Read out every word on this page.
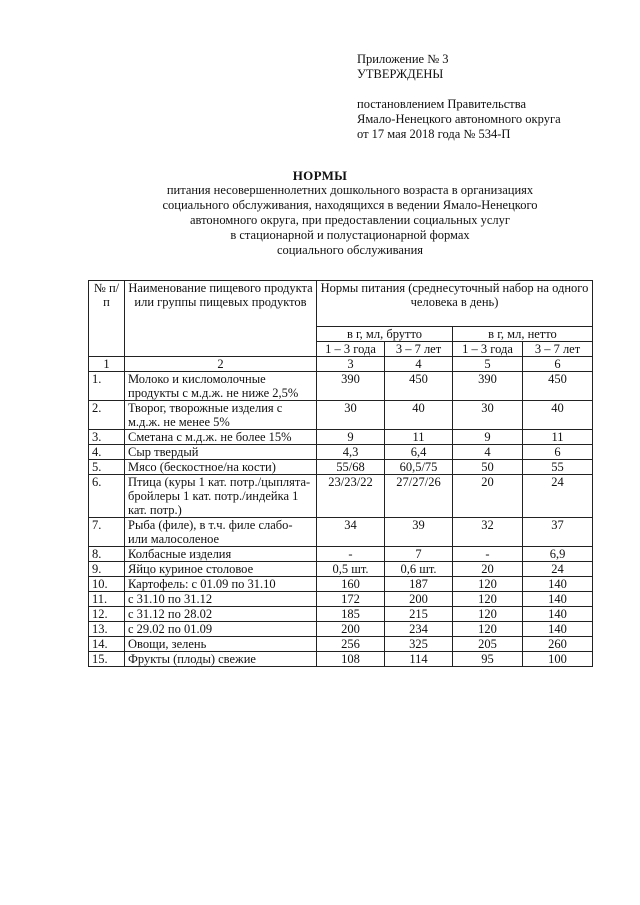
Приложение № 3
УТВЕРЖДЕНЫ
постановлением Правительства
Ямало-Ненецкого автономного округа
от 17 мая 2018 года № 534-П
НОРМЫ
питания несовершеннолетних дошкольного возраста в организациях
социального обслуживания, находящихся в ведении Ямало-Ненецкого
автономного округа, при предоставлении социальных услуг
в стационарной и полустационарной формах
социального обслуживания
№ п/п	Наименование пищевого продукта или группы пищевых продуктов	Нормы питания (среднесуточный набор на одного человека в день)			
		в г, мл, брутто		в г, мл, нетто	
		1 – 3 года	3 – 7 лет	1 – 3 года	3 – 7 лет
1	2	3	4	5	6
1.	Молоко и кисломолочные продукты с м.д.ж. не ниже 2,5%	390	450	390	450
2.	Творог, творожные изделия с м.д.ж. не менее 5%	30	40	30	40
3.	Сметана с м.д.ж. не более 15%	9	11	9	11
4.	Сыр твердый	4,3	6,4	4	6
5.	Мясо (бескостное/на кости)	55/68	60,5/75	50	55
6.	Птица (куры 1 кат. потр./цыплята-бройлеры 1 кат. потр./индейка 1 кат. потр.)	23/23/22	27/27/26	20	24
7.	Рыба (филе), в т.ч. филе слабо- или малосоленое	34	39	32	37
8.	Колбасные изделия	-	7	-	6,9
9.	Яйцо куриное столовое	0,5 шт.	0,6 шт.	20	24
10.	Картофель: с 01.09 по 31.10	160	187	120	140
11.	с 31.10 по 31.12	172	200	120	140
12.	с 31.12 по 28.02	185	215	120	140
13.	с 29.02 по 01.09	200	234	120	140
14.	Овощи, зелень	256	325	205	260
15.	Фрукты (плоды) свежие	108	114	95	100
